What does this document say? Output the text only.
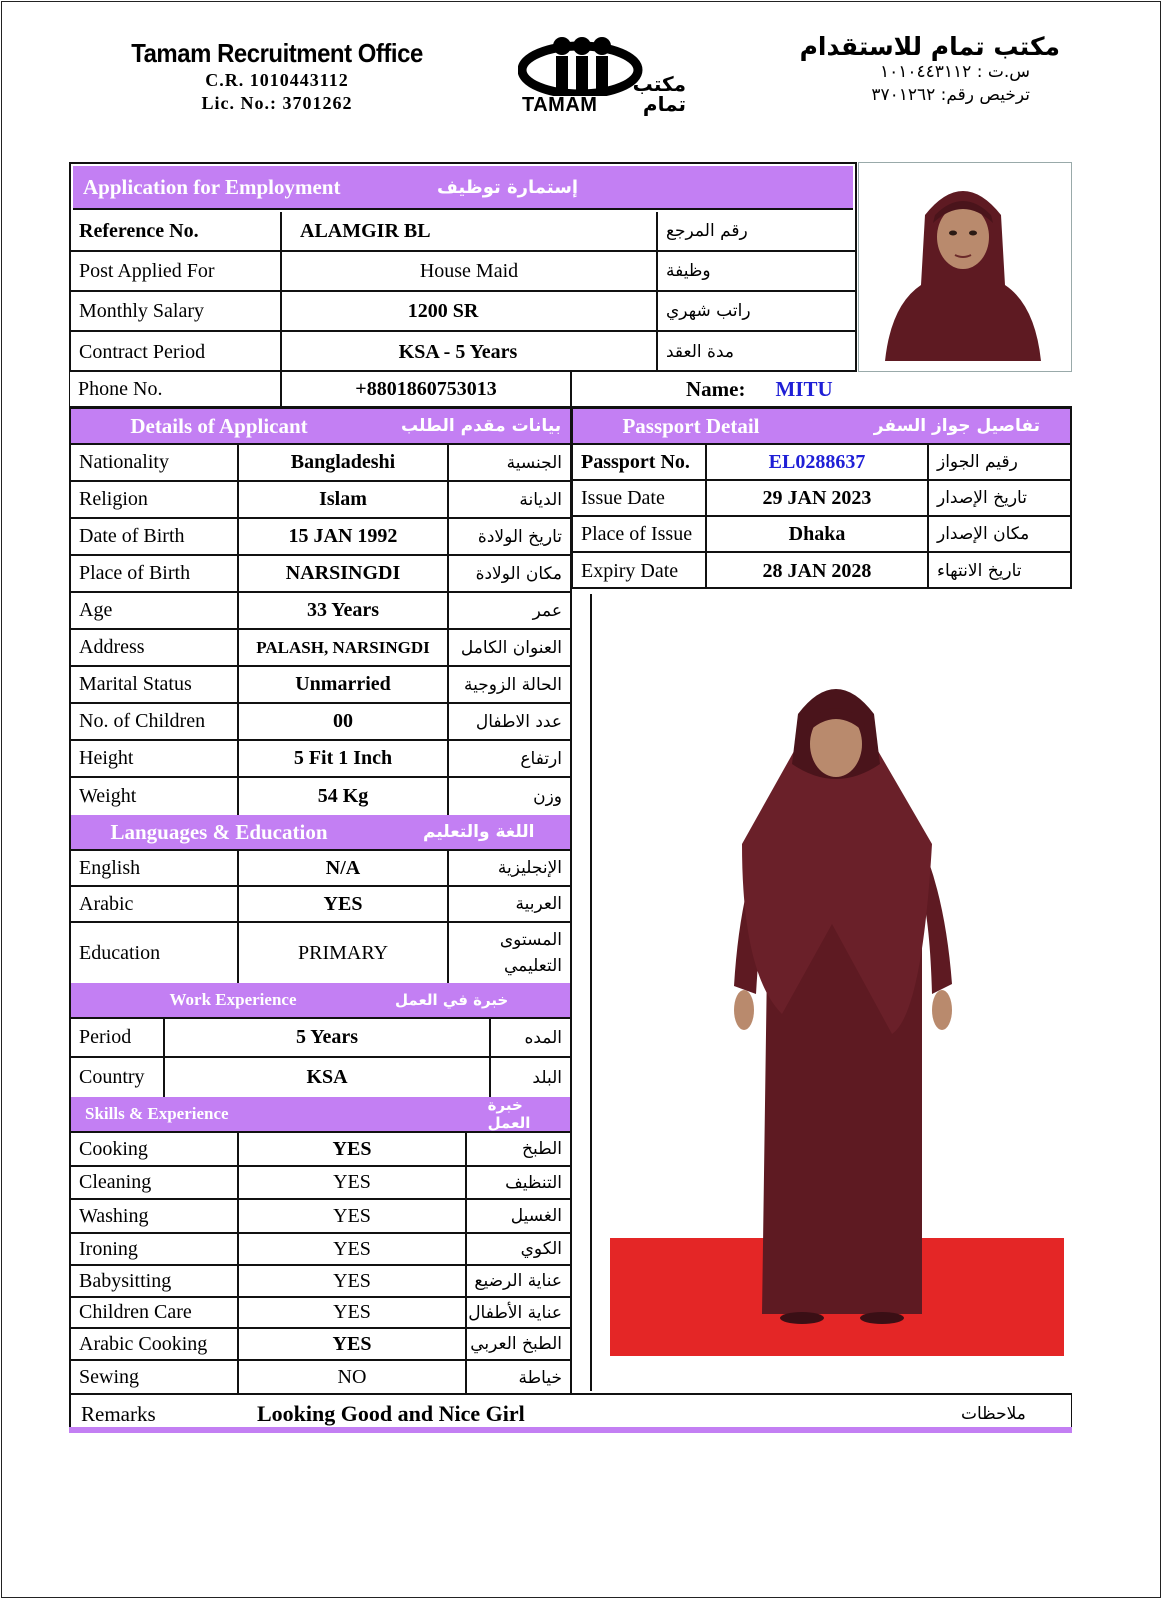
Tamam Recruitment Office
C.R. 1010443112
Lic. No.: 3701262	TAMAM
مكتب تمام
مكتب تمام للاستقدام
س.ت : ١٠١٠٤٤٣١١٢
ترخيص رقم: ٣٧٠١٢٦٢
Application for Employment	إستمارة توظيف
Reference No.	ALAMGIR BL	رقم المرجع
Post Applied For	House Maid	وظيفة
Monthly Salary	1200 SR	راتب شهري
Contract Period	KSA - 5 Years	مدة العقد
Phone No.	+8801860753013	Name: MITU
Details of Applicant	بيانات مقدم الطلب
Nationality	Bangladeshi	الجنسية
Religion	Islam	الديانة
Date of Birth	15 JAN 1992	تاريخ الولادة
Place of Birth	NARSINGDI	مكان الولادة
Age	33 Years	عمر
Address	PALASH, NARSINGDI	العنوان الكامل
Marital Status	Unmarried	الحالة الزوجية
No. of Children	00	عدد الاطفال
Height	5 Fit 1 Inch	ارتفاع
Weight	54 Kg	وزن
Languages & Education	اللغة والتعليم
English	N/A	الإنجليزية
Arabic	YES	العربية
Education	PRIMARY
المستوى التعليمي
Work Experience	خبرة في العمل
Period	5 Years	المده
Country	KSA	البلد
Skills & Experience	خبرة العمل
Cooking	YES	الطبخ
Cleaning	YES	التنظيف
Washing	YES	الغسيل
Ironing	YES	الكوي
Babysitting	YES	عناية الرضيع
Children Care	YES	عناية الأطفال
Arabic Cooking	YES	الطبخ العربي
Sewing	NO	خياطة
Passport Detail	تفاصيل جواز السفر
Passport No.	EL0288637	رقيم الجواز
Issue Date	29 JAN 2023	تاريخ الإصدار
Place of Issue	Dhaka	مكان الإصدار
Expiry Date	28 JAN 2028	تاريخ الانتهاء
Remarks	Looking Good and Nice Girl	ملاحظات
